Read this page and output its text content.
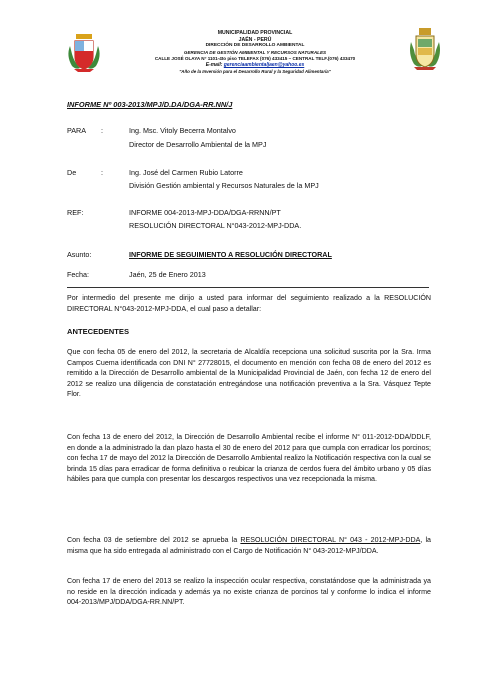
MUNICIPALIDAD PROVINCIAL
JAÉN - PERÚ
DIRECCIÓN DE DESARROLLO AMBIENTAL
GERENCIA DE GESTIÓN AMBIENTAL Y RECURSOS NATURALES
CALLE JOSÉ OLAYA N° 1101-4to piso TELEFAX (076) 433415 – CENTRAL TELF.(076) 433470
E-mail: gerenciaambientaljaen@yahoo.es
"Año de la Inversión para el Desarrollo Rural y la Seguridad Alimentaria"
INFORME Nº 003-2013/MPJ/D.DA/DGA-RR.NN/J
PARA :	Ing. Msc. Vitoly Becerra Montalvo
Director de Desarrollo Ambiental de la MPJ
De	:	Ing. José del Carmen Rubio Latorre
División Gestión ambiental y Recursos Naturales de la MPJ
REF:	INFORME 004-2013-MPJ-DDA/DGA-RRNN/PT
RESOLUCIÓN DIRECTORAL N°043-2012-MPJ-DDA.
Asunto:	INFORME DE SEGUIMIENTO A RESOLUCIÓN DIRECTORAL
Fecha:	Jaén, 25 de Enero 2013
Por intermedio del presente me dirijo a usted para informar del seguimiento realizado a la RESOLUCIÓN DIRECTORAL N°043-2012-MPJ-DDA, el cual paso a detallar:
ANTECEDENTES
Que con fecha 05 de enero del 2012, la secretaria de Alcaldía recepciona una solicitud suscrita por la Sra. Irma Campos Cuema identificada con DNI N° 27728015, el documento en mención con fecha 08 de enero del 2012 es remitido a la Dirección de Desarrollo ambiental de la Municipalidad Provincial de Jaén, con fecha 12 de enero del 2012 se realizo una diligencia de constatación entregándose una notificación preventiva a la Sra. Vásquez Tepte Flor.
Con fecha 13 de enero del 2012, la Dirección de Desarrollo Ambiental recibe el informe N° 011-2012-DDA/DDLF, en donde a la administrado la dan plazo hasta el 30 de enero del 2012 para que cumpla con erradicar los porcinos; con fecha 17 de mayo del 2012 la Dirección de Desarrollo Ambiental realizo la Notificación respectiva con la cual se brinda 15 días para erradicar de forma definitiva o reubicar la crianza de cerdos fuera del ámbito urbano y 05 días hábiles para que cumpla con presentar los descargos respectivos una vez recepcionada la misma.
Con fecha 03 de setiembre del 2012 se aprueba la RESOLUCIÓN DIRECTORAL N° 043 - 2012-MPJ-DDA, la misma que ha sido entregada al administrado con el Cargo de Notificación N° 043-2012-MPJ/DDA.
Con fecha 17 de enero del 2013 se realizo la inspección ocular respectiva, constatándose que la administrada ya no reside en la dirección indicada y además ya no existe crianza de porcinos tal y conforme lo indica el informe 004-2013/MPJ/DDA/DGA-RR.NN/PT.
